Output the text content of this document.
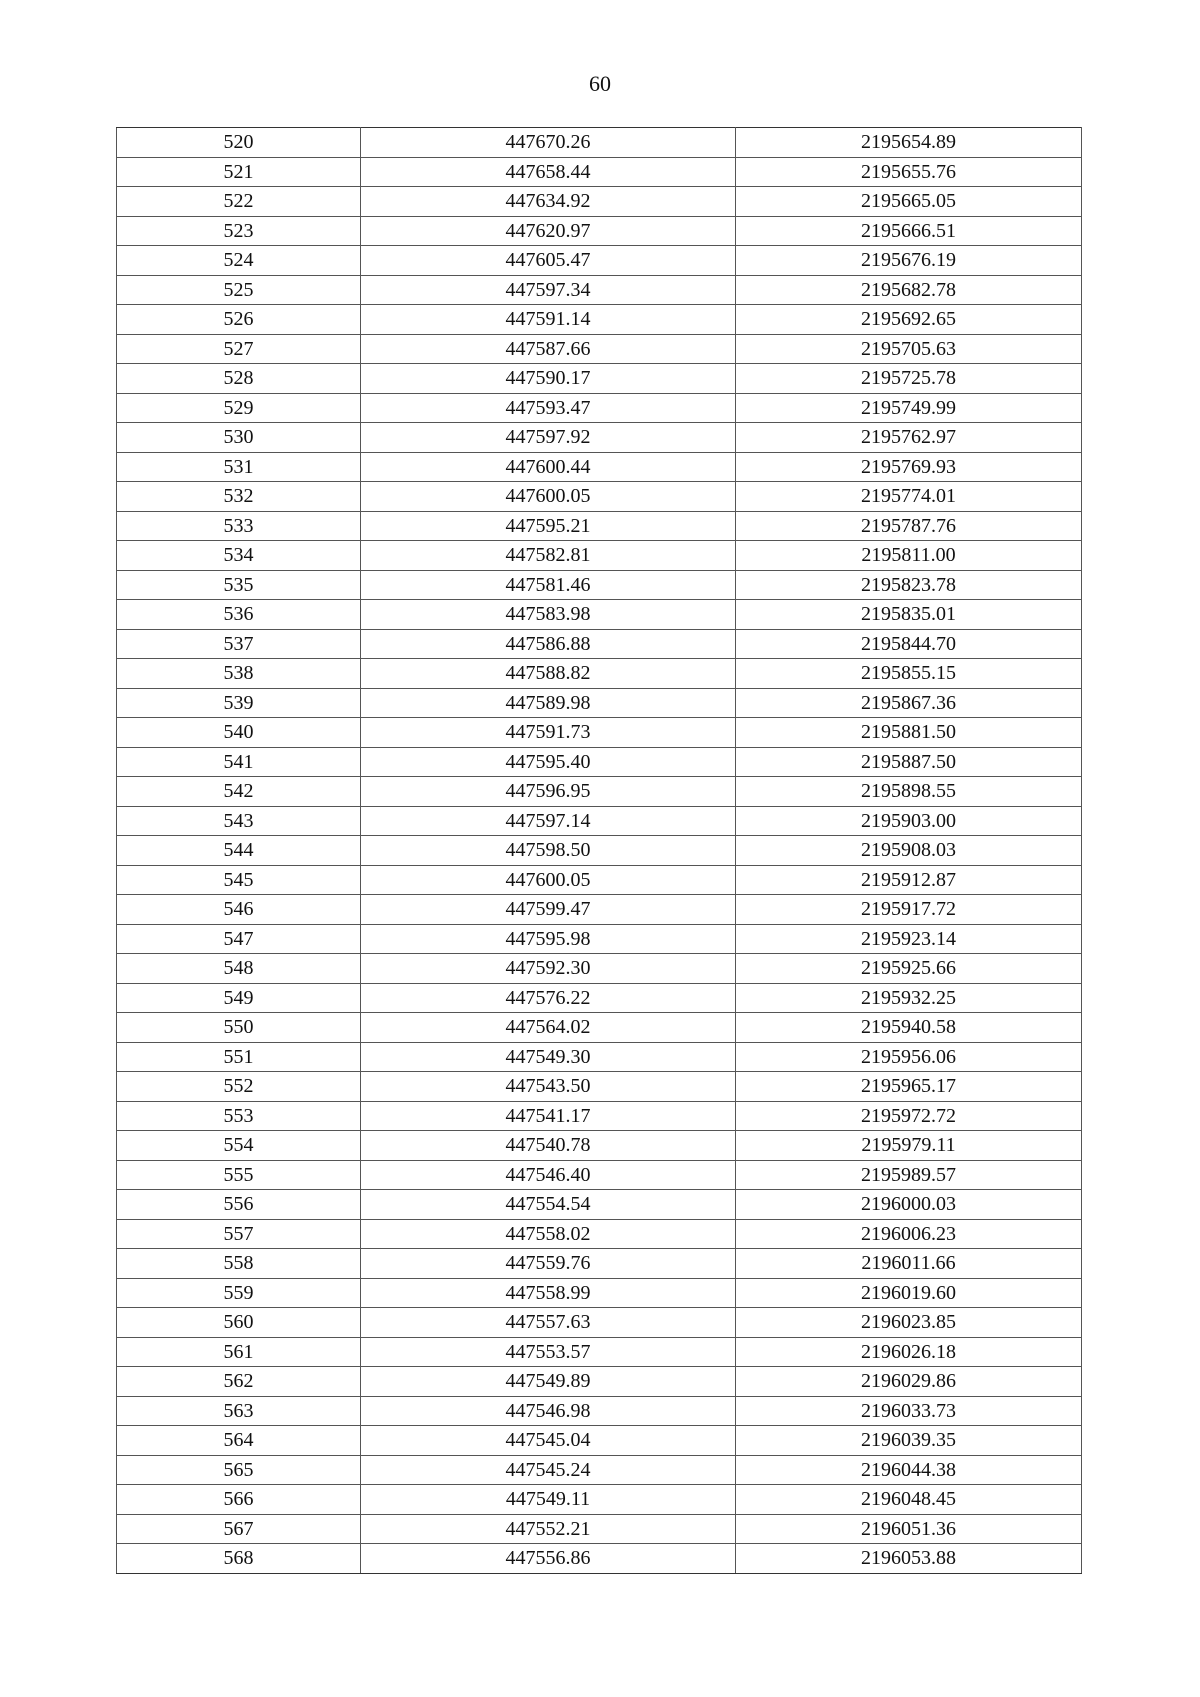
60
520	447670.26	2195654.89
521	447658.44	2195655.76
522	447634.92	2195665.05
523	447620.97	2195666.51
524	447605.47	2195676.19
525	447597.34	2195682.78
526	447591.14	2195692.65
527	447587.66	2195705.63
528	447590.17	2195725.78
529	447593.47	2195749.99
530	447597.92	2195762.97
531	447600.44	2195769.93
532	447600.05	2195774.01
533	447595.21	2195787.76
534	447582.81	2195811.00
535	447581.46	2195823.78
536	447583.98	2195835.01
537	447586.88	2195844.70
538	447588.82	2195855.15
539	447589.98	2195867.36
540	447591.73	2195881.50
541	447595.40	2195887.50
542	447596.95	2195898.55
543	447597.14	2195903.00
544	447598.50	2195908.03
545	447600.05	2195912.87
546	447599.47	2195917.72
547	447595.98	2195923.14
548	447592.30	2195925.66
549	447576.22	2195932.25
550	447564.02	2195940.58
551	447549.30	2195956.06
552	447543.50	2195965.17
553	447541.17	2195972.72
554	447540.78	2195979.11
555	447546.40	2195989.57
556	447554.54	2196000.03
557	447558.02	2196006.23
558	447559.76	2196011.66
559	447558.99	2196019.60
560	447557.63	2196023.85
561	447553.57	2196026.18
562	447549.89	2196029.86
563	447546.98	2196033.73
564	447545.04	2196039.35
565	447545.24	2196044.38
566	447549.11	2196048.45
567	447552.21	2196051.36
568	447556.86	2196053.88
